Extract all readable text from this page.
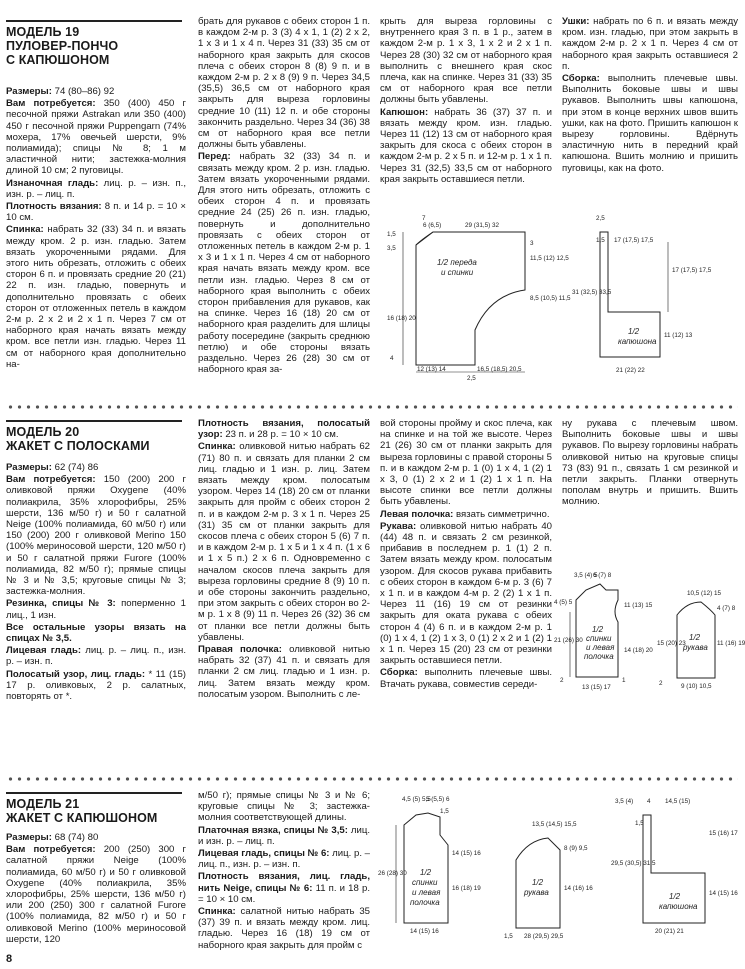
МОДЕЛЬ 19
ПУЛОВЕР-ПОНЧО
С КАПЮШОНОМ

Размеры: 74 (80–86) 92

Вам потребуется: 350 (400) 450 г песочной пряжи Astrakan или 350 (400) 450 г песочной пряжи Puppengarn (74% мохера, 17% овечьей шерсти, 9% полиамида); спицы № 8; 1 м эластичной нити; застежка-молния длиной 10 см; 2 пуговицы.

Изнаночная гладь: лиц. р. – изн. п., изн. р. – лиц. п.

Плотность вязания: 8 п. и 14 р. = 10 × 10 см.

Спинка: набрать 32 (33) 34 п. и вязать между кром. 2 р. изн. гладью. Затем вязать укороченными рядами. Для этого нить обрезать, отложить с обеих сторон 6 п. и провязать средние 20 (21) 22 п. изн. гладью, повернуть и дополнительно провязать с обеих сторон от отложенных петель в каждом 2-м р. 2 х 2 и 2 х 1 п. Через 7 см от наборного края начать вязать между кром. все петли изн. гладью. Через 11 см от наборного края дополнительно на-

брать для рукавов с обеих сторон 1 п. в каждом 2-м р. 3 (3) 4 х 1, 1 (2) 2 х 2, 1 х 3 и 1 х 4 п. Через 31 (33) 35 см от наборного края закрыть для скосов плеча с обеих сторон 8 (8) 9 п. и в каждом 2-м р. 2 х 8 (9) 9 п. Через 34,5 (35,5) 36,5 см от наборного края закрыть для выреза горловины средние 10 (11) 12 п. и обе стороны закончить раздельно. Через 34 (36) 38 см от наборного края все петли должны быть убавлены.

Перед: набрать 32 (33) 34 п. и связать между кром. 2 р. изн. гладью. Затем вязать укороченными рядами. Для этого нить обрезать, отложить с обеих сторон 4 п. и провязать средние 24 (25) 26 п. изн. гладью, повернуть и дополнительно провязать с обеих сторон от отложенных петель в каждом 2-м р. 1 х 3 и 1 х 1 п. Через 4 см от наборного края начать вязать между кром. все петли изн. гладью. Через 8 см от наборного края выполнить с обеих сторон прибавления для рукавов, как на спинке. Через 16 (18) 20 см от наборного края разделить для шлицы работу посередине (закрыть среднюю петлю) и обе стороны вязать раздельно. Через 26 (28) 30 см от наборного края за-

крыть для выреза горловины с внутреннего края 3 п. в 1 р., затем в каждом 2-м р. 1 х 3, 1 х 2 и 2 х 1 п. Через 28 (30) 32 см от наборного края выполнить с внешнего края скос плеча, как на спинке. Через 31 (33) 35 см от наборного края все петли должны быть убавлены.

Капюшон: набрать 36 (37) 37 п. и вязать между кром. изн. гладью. Через 11 (12) 13 см от наборного края закрыть для скоса с обеих сторон в каждом 2-м р. 2 х 5 п. и 12-м р. 1 х 1 п. Через 31 (32,5) 33,5 см от наборного края закрыть оставшиеся петли.

Ушки: набрать по 6 п. и вязать между кром. изн. гладью, при этом закрыть в каждом 2-м р. 2 х 1 п. Через 4 см от наборного края закрыть оставшиеся 2 п.

Сборка: выполнить плечевые швы. Выполнить боковые швы и швы рукавов. Выполнить швы капюшона, при этом в конце верхних швов вшить ушки, как на фото. Пришить капюшон к вырезу горловины. Вдёрнуть эластичную нить в передний край капюшона. Вшить молнию и пришить пуговицы, как на фото.

6 (6,5)
7
29 (31,5) 32
1,5
3,5
3
11,5 (12) 12,5
8,5 (10,5) 11,5
16 (18) 20
4
12 (13) 14	16,5 (18,5) 20,5
2,5
1/2 переда
и спинки
2,5
1,5 17 (17,5) 17,5
31 (32,5) 33,5
17 (17,5) 17,5
11 (12) 13
21 (22) 22
1/2
капюшона
МОДЕЛЬ 20
ЖАКЕТ С ПОЛОСКАМИ

Размеры: 62 (74) 86

Вам потребуется: 150 (200) 200 г оливковой пряжи Oxygene (40% полиакрила, 35% хлорофибры, 25% шерсти, 136 м/50 г) и 50 г салатной Neige (100% полиамида, 60 м/50 г) или 150 (200) 200 г оливковой Merino 150 (100% мериносовой шерсти, 120 м/50 г) и 50 г салатной пряжи Furore (100% полиамида, 82 м/50 г); прямые спицы № 3 и № 3,5; круговые спицы № 3; застежка-молния.

Резинка, спицы № 3: поперменно 1 лиц., 1 изн.

Все остальные узоры вязать на спицах № 3,5.

Лицевая гладь: лиц. р. – лиц. п., изн. р. – изн. п.

Полосатый узор, лиц. гладь: * 11 (15) 17 р. оливковых, 2 р. салатных, повторять от *.

Плотность вязания, полосатый узор: 23 п. и 28 р. = 10 × 10 см.

Спинка: оливковой нитью набрать 62 (71) 80 п. и связать для планки 2 см лиц. гладью и 1 изн. р. лиц. Затем вязать между кром. полосатым узором. Через 14 (18) 20 см от планки закрыть для пройм с обеих сторон 2 п. и в каждом 2-м р. 3 х 1 п. Через 25 (31) 35 см от планки закрыть для скосов плеча с обеих сторон 5 (6) 7 п. и в каждом 2-м р. 1 х 5 и 1 х 4 п. (1 х 6 и 1 х 5 п.) 2 х 6 п. Одновременно с началом скосов плеча закрыть для выреза горловины средние 8 (9) 10 п. и обе стороны закончить раздельно, при этом закрыть с обеих сторон во 2-м р. 1 х 8 (9) 11 п. Через 26 (32) 36 см от планки все петли должны быть убавлены.

Правая полочка: оливковой нитью набрать 32 (37) 41 п. и связать для планки 2 см лиц. гладью и 1 изн. р. лиц. Затем вязать между кром. полосатым узором. Выполнить с ле-

вой стороны пройму и скос плеча, как на спинке и на той же высоте. Через 21 (26) 30 см от планки закрыть для выреза горловины с правой стороны 5 п. и в каждом 2-м р. 1 (0) 1 х 4, 1 (2) 1 х 3, 0 (1) 2 х 2 и 1 (2) 1 х 1 п. На высоте спинки все петли должны быть убавлены.

Левая полочка: вязать симметрично.

Рукава: оливковой нитью набрать 40 (44) 48 п. и связать 2 см резинкой, прибавив в последнем р. 1 (1) 2 п. Затем вязать между кром. полосатым узором. Для скосов рукава прибавить с обеих сторон в каждом 6-м р. 3 (6) 7 х 1 п. и в каждом 4-м р. 2 (2) 1 х 1 п. Через 11 (16) 19 см от резинки закрыть для оката рукава с обеих сторон 4 (4) 6 п. и в каждом 2-м р. 1 (0) 1 х 4, 1 (2) 1 х 3, 0 (1) 2 х 2 и 1 (2) 1 х 1 п. Через 15 (20) 23 см от резинки закрыть оставшиеся петли.

Сборка: выполнить плечевые швы. Втачать рукава, совместив середи-

ну рукава с плечевым швом. Выполнить боковые швы и швы рукавов. По вырезу горловины набрать оливковой нитью на круговые спицы 73 (83) 91 п., связать 1 см резинкой и петли закрыть. Планки отвернуть пополам внутрь и пришить. Вшить молнию.

3,5 (4) 5
6 (7) 8
4 (5) 5	11 (13) 15
21 (26) 30
14 (18) 20
2
13 (15) 17
1
1/2
спинки
и левая
полочка
10,5 (12) 15
4 (7) 8
15 (20) 23	11 (16) 19
2	9 (10) 10,5
1/2
рукава
МОДЕЛЬ 21
ЖАКЕТ С КАПЮШОНОМ

Размеры: 68 (74) 80

Вам потребуется: 200 (250) 300 г салатной пряжи Neige (100% полиамида, 60 м/50 г) и 50 г оливковой Oxygene (40% полиакрила, 35% хлорофибры, 25% шерсти, 136 м/50 г) или 200 (250) 300 г салатной Furore (100% полиамида, 82 м/50 г) и 50 г оливковой Merino (100% мериносовой шерсти, 120

м/50 г); прямые спицы № 3 и № 6; круговые спицы № 3; застежка-молния соответствующей длины.

Платочная вязка, спицы № 3,5: лиц. и изн. р. – лиц. п.

Лицевая гладь, спицы № 6: лиц. р. – лиц. п., изн. р. – изн. п.

Плотность вязания, лиц. гладь, нить Neige, спицы № 6: 11 п. и 18 р. = 10 × 10 см.

Спинка: салатной нитью набрать 35 (37) 39 п. и вязать между кром. лиц. гладью. Через 16 (18) 19 см от наборного края закрыть для пройм с

4,5 (5) 5,5
5 (5,5) 6
1,5
14 (15) 16
26 (28) 30
16 (18) 19
14 (15) 16
1/2
спинки
и левая
полочка
13,5 (14,5) 15,5
8 (9) 9,5
14 (16) 16
1,5 28 (29,5) 29,5
1/2
рукава
3,5 (4) 4 14,5 (15)
1,5
29,5 (30,5) 31,5
15 (16) 17
14 (15) 16
20 (21) 21
1/2
капюшона
8
